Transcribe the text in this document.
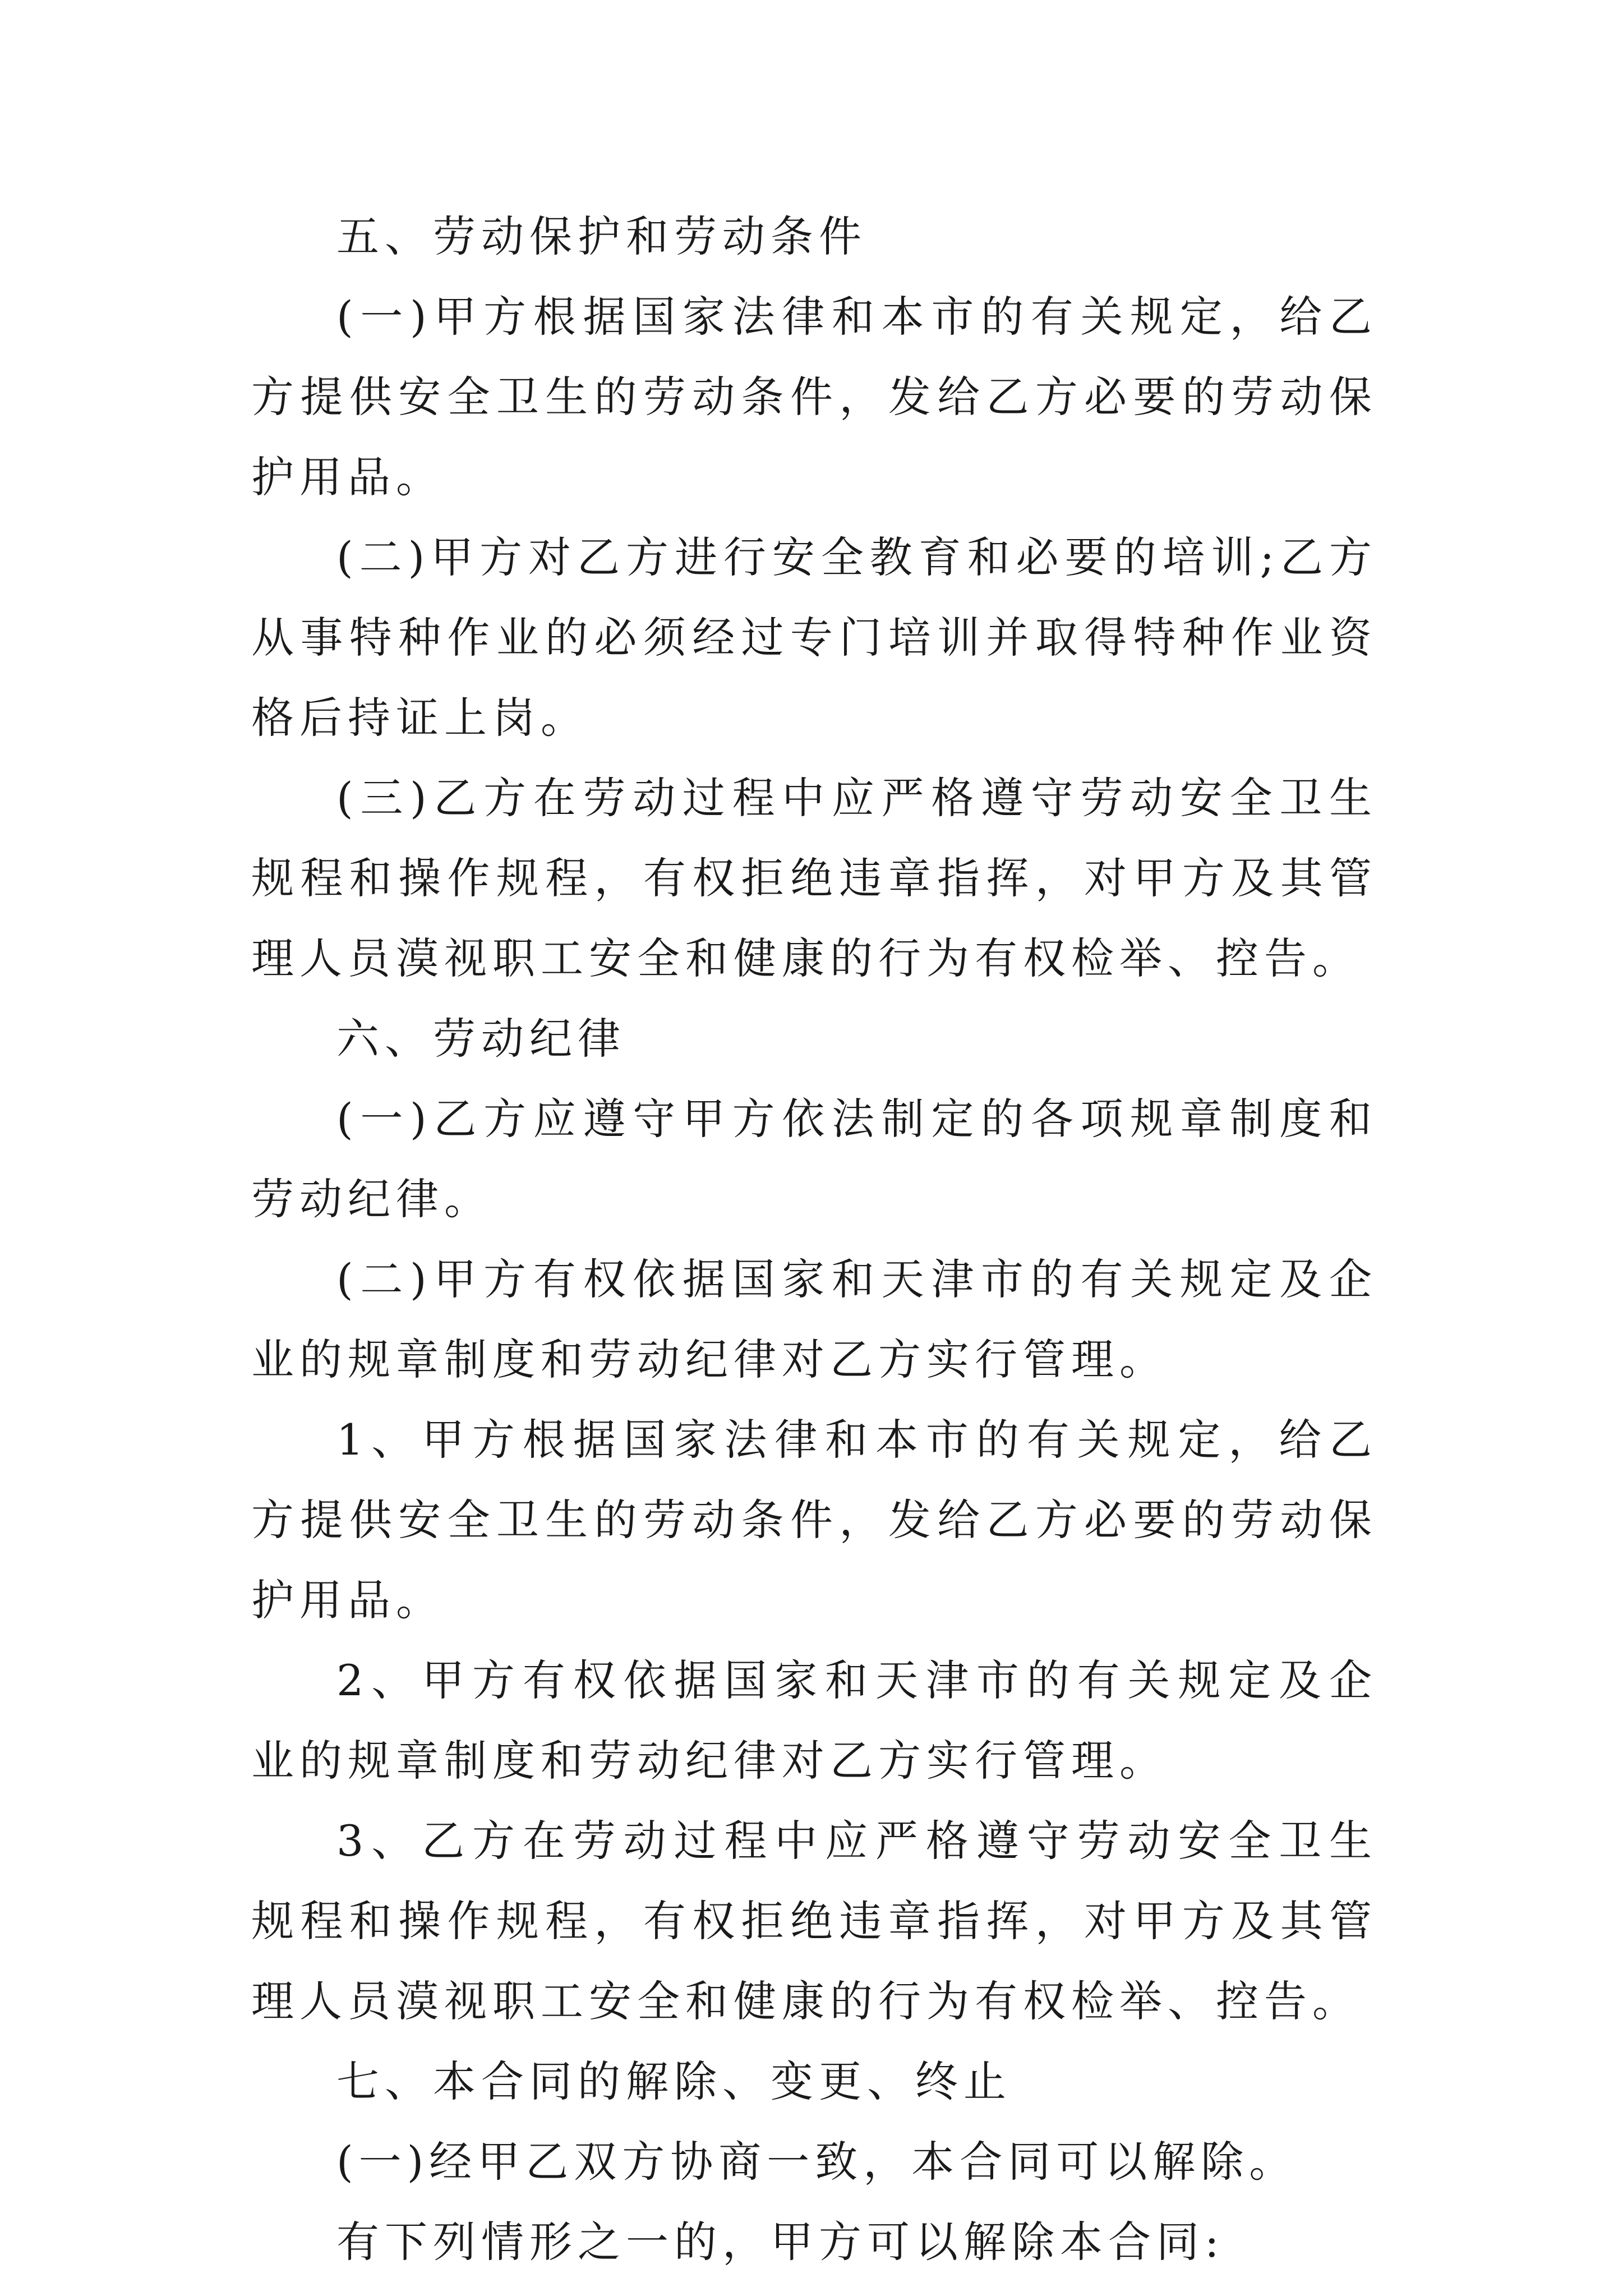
五、劳动保护和劳动条件

(一)甲方根据国家法律和本市的有关规定，给乙方提供安全卫生的劳动条件，发给乙方必要的劳动保护用品。

(二)甲方对乙方进行安全教育和必要的培训;乙方从事特种作业的必须经过专门培训并取得特种作业资格后持证上岗。

(三)乙方在劳动过程中应严格遵守劳动安全卫生规程和操作规程，有权拒绝违章指挥，对甲方及其管理人员漠视职工安全和健康的行为有权检举、控告。

六、劳动纪律

(一)乙方应遵守甲方依法制定的各项规章制度和劳动纪律。

(二)甲方有权依据国家和天津市的有关规定及企业的规章制度和劳动纪律对乙方实行管理。

1、甲方根据国家法律和本市的有关规定，给乙方提供安全卫生的劳动条件，发给乙方必要的劳动保护用品。

2、甲方有权依据国家和天津市的有关规定及企业的规章制度和劳动纪律对乙方实行管理。

3、乙方在劳动过程中应严格遵守劳动安全卫生规程和操作规程，有权拒绝违章指挥，对甲方及其管理人员漠视职工安全和健康的行为有权检举、控告。

七、本合同的解除、变更、终止

(一)经甲乙双方协商一致，本合同可以解除。

有下列情形之一的，甲方可以解除本合同:
